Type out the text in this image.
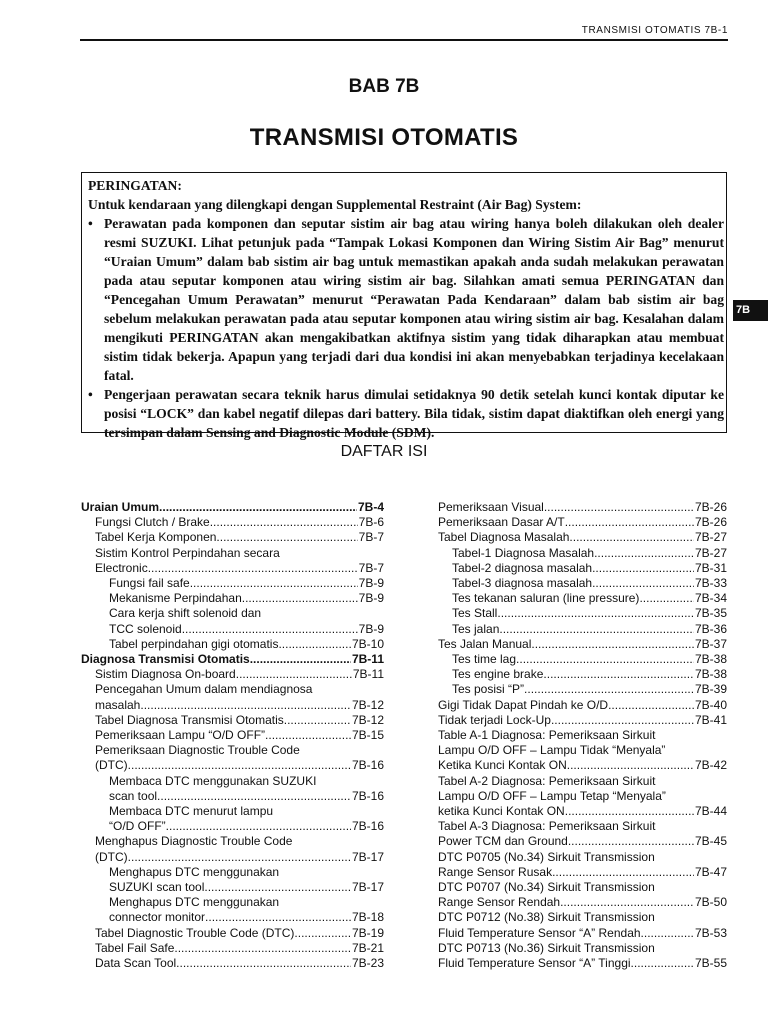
TRANSMISI OTOMATIS 7B-1
BAB 7B
TRANSMISI OTOMATIS
7B
PERINGATAN:
Untuk kendaraan yang dilengkapi dengan Supplemental Restraint (Air Bag) System:
• Perawatan pada komponen dan seputar sistim air bag atau wiring hanya boleh dilakukan oleh dealer resmi SUZUKI. Lihat petunjuk pada “Tampak Lokasi Komponen dan Wiring Sistim Air Bag” menurut “Uraian Umum” dalam bab sistim air bag untuk memastikan apakah anda sudah melakukan perawatan pada atau seputar komponen atau wiring sistim air bag. Silahkan amati semua PERINGATAN dan “Pencegahan Umum Perawatan” menurut “Perawatan Pada Kendaraan” dalam bab sistim air bag sebelum melakukan perawatan pada atau seputar komponen atau wiring sistim air bag. Kesalahan dalam mengikuti PERINGATAN akan mengakibatkan aktifnya sistim yang tidak diharapkan atau membuat sistim tidak bekerja. Apapun yang terjadi dari dua kondisi ini akan menyebabkan terjadinya kecelakaan fatal.
• Pengerjaan perawatan secara teknik harus dimulai setidaknya 90 detik setelah kunci kontak diputar ke posisi “LOCK” dan kabel negatif dilepas dari battery. Bila tidak, sistim dapat diaktifkan oleh energi yang tersimpan dalam Sensing and Diagnostic Module (SDM).
DAFTAR ISI
Uraian Umum .....	7B-4
Fungsi Clutch / Brake .....	7B-6
Tabel Kerja Komponen .....	7B-7
Sistim Kontrol Perpindahan secara
Electronic .....	7B-7
Fungsi fail safe .....	7B-9
Mekanisme Perpindahan .....	7B-9
Cara kerja shift solenoid dan
TCC solenoid .....	7B-9
Tabel perpindahan gigi otomatis .....	7B-10
Diagnosa Transmisi Otomatis .....	7B-11
Sistim Diagnosa On-board .....	7B-11
Pencegahan Umum dalam mendiagnosa
masalah .....	7B-12
Tabel Diagnosa Transmisi Otomatis .....	7B-12
Pemeriksaan Lampu “O/D OFF” .....	7B-15
Pemeriksaan Diagnostic Trouble Code
(DTC) .....	7B-16
Membaca DTC menggunakan SUZUKI
scan tool .....	7B-16
Membaca DTC menurut lampu
“O/D OFF” .....	7B-16
Menghapus Diagnostic Trouble Code
(DTC) .....	7B-17
Menghapus DTC menggunakan
SUZUKI scan tool .....	7B-17
Menghapus DTC menggunakan
connector monitor .....	7B-18
Tabel Diagnostic Trouble Code (DTC) .....	7B-19
Tabel Fail Safe .....	7B-21
Data Scan Tool .....	7B-23
Pemeriksaan Visual .....	7B-26
Pemeriksaan Dasar A/T .....	7B-26
Tabel Diagnosa Masalah .....	7B-27
Tabel-1 Diagnosa Masalah .....	7B-27
Tabel-2 diagnosa masalah .....	7B-31
Tabel-3 diagnosa masalah .....	7B-33
Tes tekanan saluran (line pressure) .....	7B-34
Tes Stall .....	7B-35
Tes jalan .....	7B-36
Tes Jalan Manual .....	7B-37
Tes time lag .....	7B-38
Tes engine brake .....	7B-38
Tes posisi “P” .....	7B-39
Gigi Tidak Dapat Pindah ke O/D .....	7B-40
Tidak terjadi Lock-Up .....	7B-41
Table A-1 Diagnosa: Pemeriksaan Sirkuit
Lampu O/D OFF – Lampu Tidak “Menyala”
Ketika Kunci Kontak ON .....	7B-42
Tabel A-2 Diagnosa: Pemeriksaan Sirkuit
Lampu O/D OFF – Lampu Tetap “Menyala”
ketika Kunci Kontak ON .....	7B-44
Tabel A-3 Diagnosa: Pemeriksaan Sirkuit
Power TCM dan Ground .....	7B-45
DTC P0705 (No.34) Sirkuit Transmission
Range Sensor Rusak .....	7B-47
DTC P0707 (No.34) Sirkuit Transmission
Range Sensor Rendah .....	7B-50
DTC P0712 (No.38) Sirkuit Transmission
Fluid Temperature Sensor “A” Rendah .....	7B-53
DTC P0713 (No.36) Sirkuit Transmission
Fluid Temperature Sensor “A” Tinggi .....	7B-55
